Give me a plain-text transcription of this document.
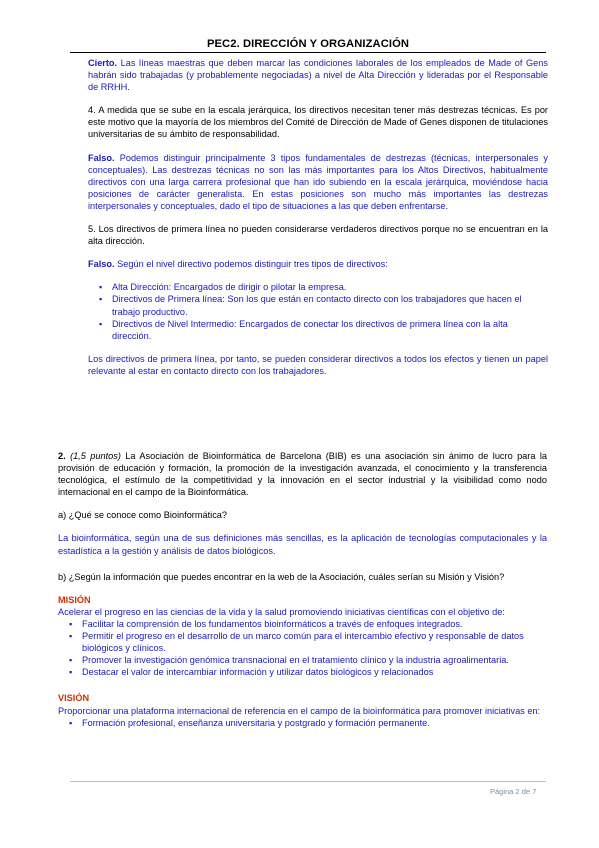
PEC2. DIRECCIÓN Y ORGANIZACIÓN

Cierto. Las líneas maestras que deben marcar las condiciones laborales de los empleados de Made of Gens habrán sido trabajadas (y probablemente negociadas) a nivel de Alta Dirección y lideradas por el Responsable de RRHH.

4. A medida que se sube en la escala jerárquica, los directivos necesitan tener más destrezas técnicas. Es por este motivo que la mayoría de los miembros del Comité de Dirección de Made of Genes disponen de titulaciones universitarias de su ámbito de responsabilidad.

Falso. Podemos distinguir principalmente 3 tipos fundamentales de destrezas (técnicas, interpersonales y conceptuales). Las destrezas técnicas no son las más importantes para los Altos Directivos, habitualmente directivos con una larga carrera profesional que han ido subiendo en la escala jerárquica, moviéndose hacia posiciones de carácter generalista. En estas posiciones son mucho más importantes las destrezas interpersonales y conceptuales, dado el tipo de situaciones a las que deben enfrentarse.

5. Los directivos de primera línea no pueden considerarse verdaderos directivos porque no se encuentran en la alta dirección.

Falso. Según el nivel directivo podemos distinguir tres tipos de directivos:

▪ Alta Dirección: Encargados de dirigir o pilotar la empresa.
▪ Directivos de Primera línea: Son los que están en contacto directo con los trabajadores que hacen el trabajo productivo.
▪ Directivos de Nivel Intermedio: Encargados de conectar los directivos de primera línea con la alta dirección.

Los directivos de primera línea, por tanto, se pueden considerar directivos a todos los efectos y tienen un papel relevante al estar en contacto directo con los trabajadores.

2. (1,5 puntos) La Asociación de Bioinformática de Barcelona (BIB) es una asociación sin ánimo de lucro para la provisión de educación y formación, la promoción de la investigación avanzada, el conocimiento y la transferencia tecnológica, el estímulo de la competitividad y la innovación en el sector industrial y la visibilidad como nodo internacional en el campo de la Bioinformática.

a) ¿Qué se conoce como Bioinformática?

La bioinformática, según una de sus definiciones más sencillas, es la aplicación de tecnologías computacionales y la estadística a la gestión y análisis de datos biológicos.

b) ¿Según la información que puedes encontrar en la web de la Asociación, cuáles serían su Misión y Visión?

MISIÓN

Acelerar el progreso en las ciencias de la vida y la salud promoviendo iniciativas científicas con el objetivo de:

▪ Facilitar la comprensión de los fundamentos bioinformáticos a través de enfoques integrados.
▪ Permitir el progreso en el desarrollo de un marco común para el intercambio efectivo y responsable de datos biológicos y clínicos.
▪ Promover la investigación genómica transnacional en el tratamiento clínico y la industria agroalimentaria.
▪ Destacar el valor de intercambiar información y utilizar datos biológicos y relacionados
VISIÓN

Proporcionar una plataforma internacional de referencia en el campo de la bioinformática para promover iniciativas en:

▪ Formación profesional, enseñanza universitaria y postgrado y formación permanente.
Página 2 de 7
